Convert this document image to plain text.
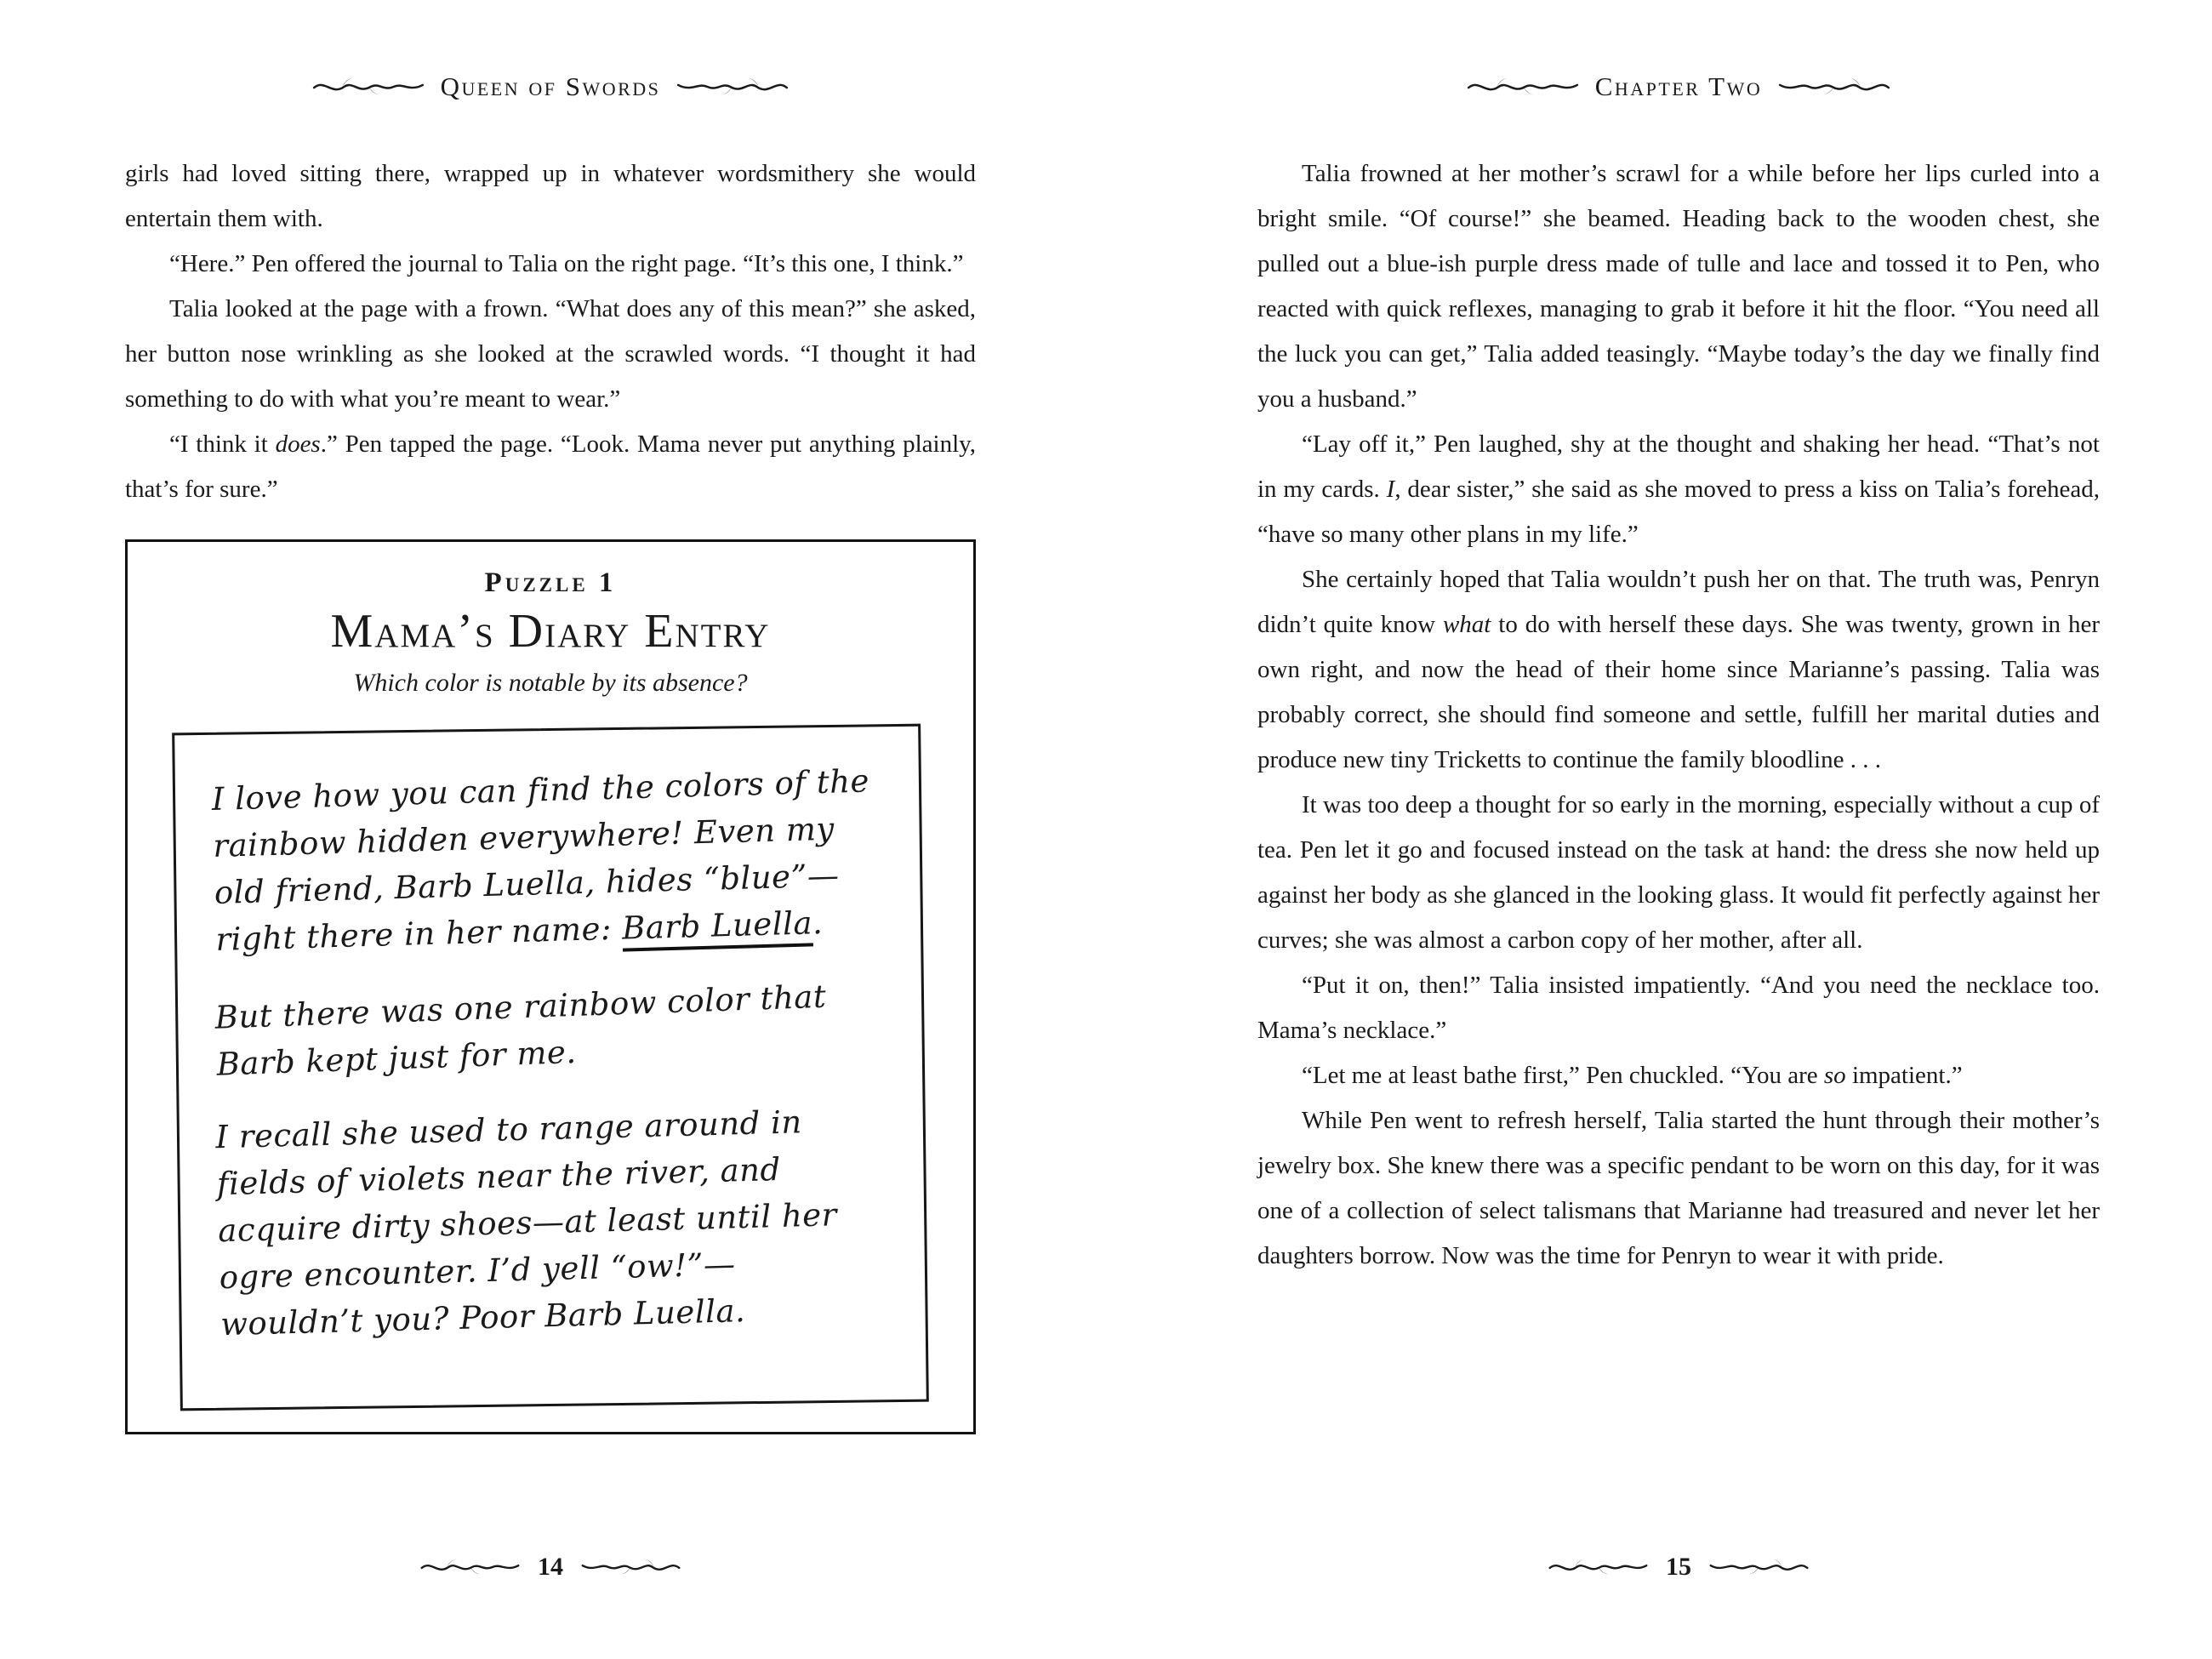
Queen of Swords

girls had loved sitting there, wrapped up in whatever wordsmithery she would entertain them with.

“Here.” Pen offered the journal to Talia on the right page. “It’s this one, I think.”

Talia looked at the page with a frown. “What does any of this mean?” she asked, her button nose wrinkling as she looked at the scrawled words. “I thought it had something to do with what you’re meant to wear.”

“I think it does.” Pen tapped the page. “Look. Mama never put anything plainly, that’s for sure.”

Puzzle 1
Mama’s Diary Entry
Which color is notable by its absence?

I love how you can find the colors of the rainbow hidden everywhere! Even my old friend, Barb Luella, hides “blue”— right there in her name: Barb Luella.

But there was one rainbow color that Barb kept just for me.

I recall she used to range around in fields of violets near the river, and acquire dirty shoes—at least until her ogre encounter. I’d yell “ow!”— wouldn’t you? Poor Barb Luella.

14
Chapter Two

Talia frowned at her mother’s scrawl for a while before her lips curled into a bright smile. “Of course!” she beamed. Heading back to the wooden chest, she pulled out a blue-ish purple dress made of tulle and lace and tossed it to Pen, who reacted with quick reflexes, managing to grab it before it hit the floor. “You need all the luck you can get,” Talia added teasingly. “Maybe today’s the day we finally find you a husband.”

“Lay off it,” Pen laughed, shy at the thought and shaking her head. “That’s not in my cards. I, dear sister,” she said as she moved to press a kiss on Talia’s forehead, “have so many other plans in my life.”

She certainly hoped that Talia wouldn’t push her on that. The truth was, Penryn didn’t quite know what to do with herself these days. She was twenty, grown in her own right, and now the head of their home since Marianne’s passing. Talia was probably correct, she should find someone and settle, fulfill her marital duties and produce new tiny Tricketts to continue the family bloodline . . .

It was too deep a thought for so early in the morning, especially without a cup of tea. Pen let it go and focused instead on the task at hand: the dress she now held up against her body as she glanced in the looking glass. It would fit perfectly against her curves; she was almost a carbon copy of her mother, after all.

“Put it on, then!” Talia insisted impatiently. “And you need the necklace too. Mama’s necklace.”

“Let me at least bathe first,” Pen chuckled. “You are so impatient.”

While Pen went to refresh herself, Talia started the hunt through their mother’s jewelry box. She knew there was a specific pendant to be worn on this day, for it was one of a collection of select talismans that Marianne had treasured and never let her daughters borrow. Now was the time for Penryn to wear it with pride.

15
